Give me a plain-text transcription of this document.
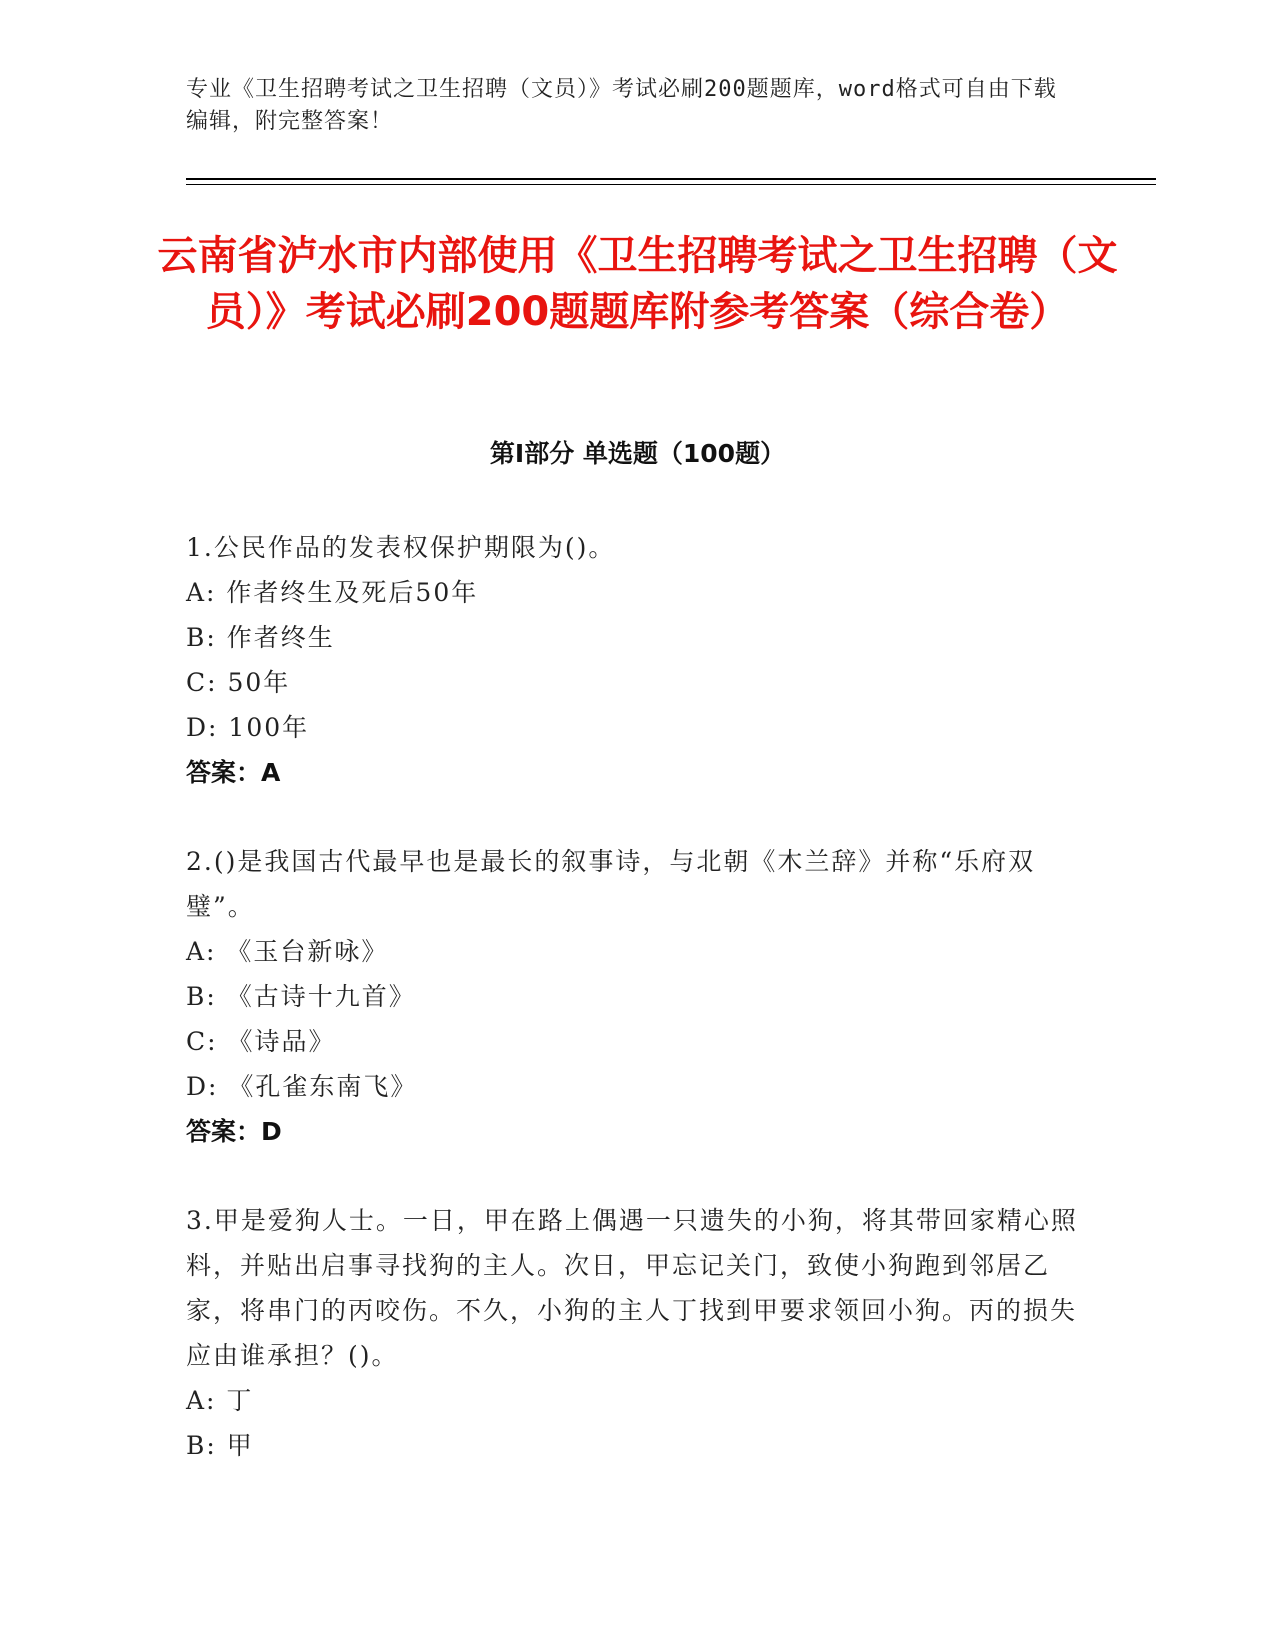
专业《卫生招聘考试之卫生招聘（文员）》考试必刷200题题库，word格式可自由下载编辑，附完整答案！
云南省泸水市内部使用《卫生招聘考试之卫生招聘（文员）》考试必刷200题题库附参考答案（综合卷）
第Ⅰ部分 单选题（100题）

1.公民作品的发表权保护期限为()。

A: 作者终生及死后50年

B: 作者终生

C: 50年

D: 100年

答案：A

2.()是我国古代最早也是最长的叙事诗，与北朝《木兰辞》并称“乐府双璧”。

A: 《玉台新咏》

B: 《古诗十九首》

C: 《诗品》

D: 《孔雀东南飞》

答案：D

3.甲是爱狗人士。一日，甲在路上偶遇一只遗失的小狗，将其带回家精心照料，并贴出启事寻找狗的主人。次日，甲忘记关门，致使小狗跑到邻居乙家，将串门的丙咬伤。不久，小狗的主人丁找到甲要求领回小狗。丙的损失应由谁承担？()。

A: 丁

B: 甲
